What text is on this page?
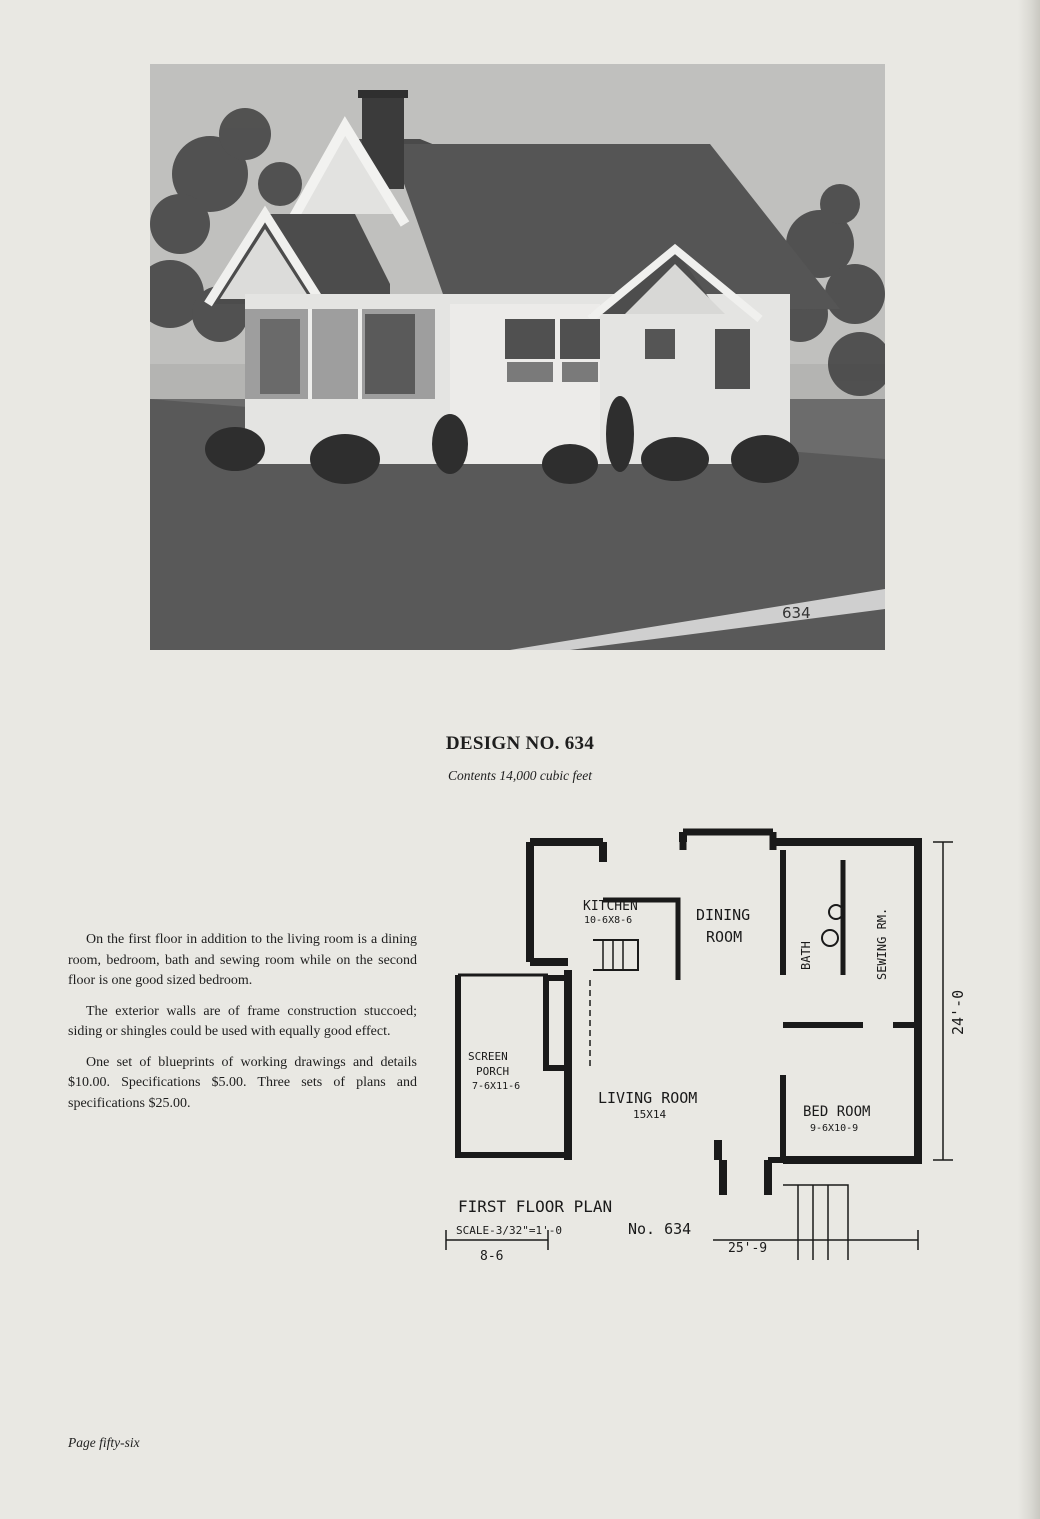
634
DESIGN NO. 634
Contents 14,000 cubic feet

On the first floor in addition to the living room is a dining room, bedroom, bath and sewing room while on the second floor is one good sized bedroom.

The exterior walls are of frame construction stuccoed; siding or shingles could be used with equally good effect.

One set of blueprints of working drawings and details $10.00. Specifications $5.00. Three sets of plans and specifications $25.00.

KITCHEN
10-6X8-6	DINING
ROOM
BATH	SEWING RM.
SCREEN
PORCH
7-6X11-6
LIVING ROOM
15X14	BED ROOM
9-6X10-9
FIRST FLOOR PLAN
SCALE-3/32"=1'-0	No. 634
25'-9
8-6
24'-0
Page fifty-six
